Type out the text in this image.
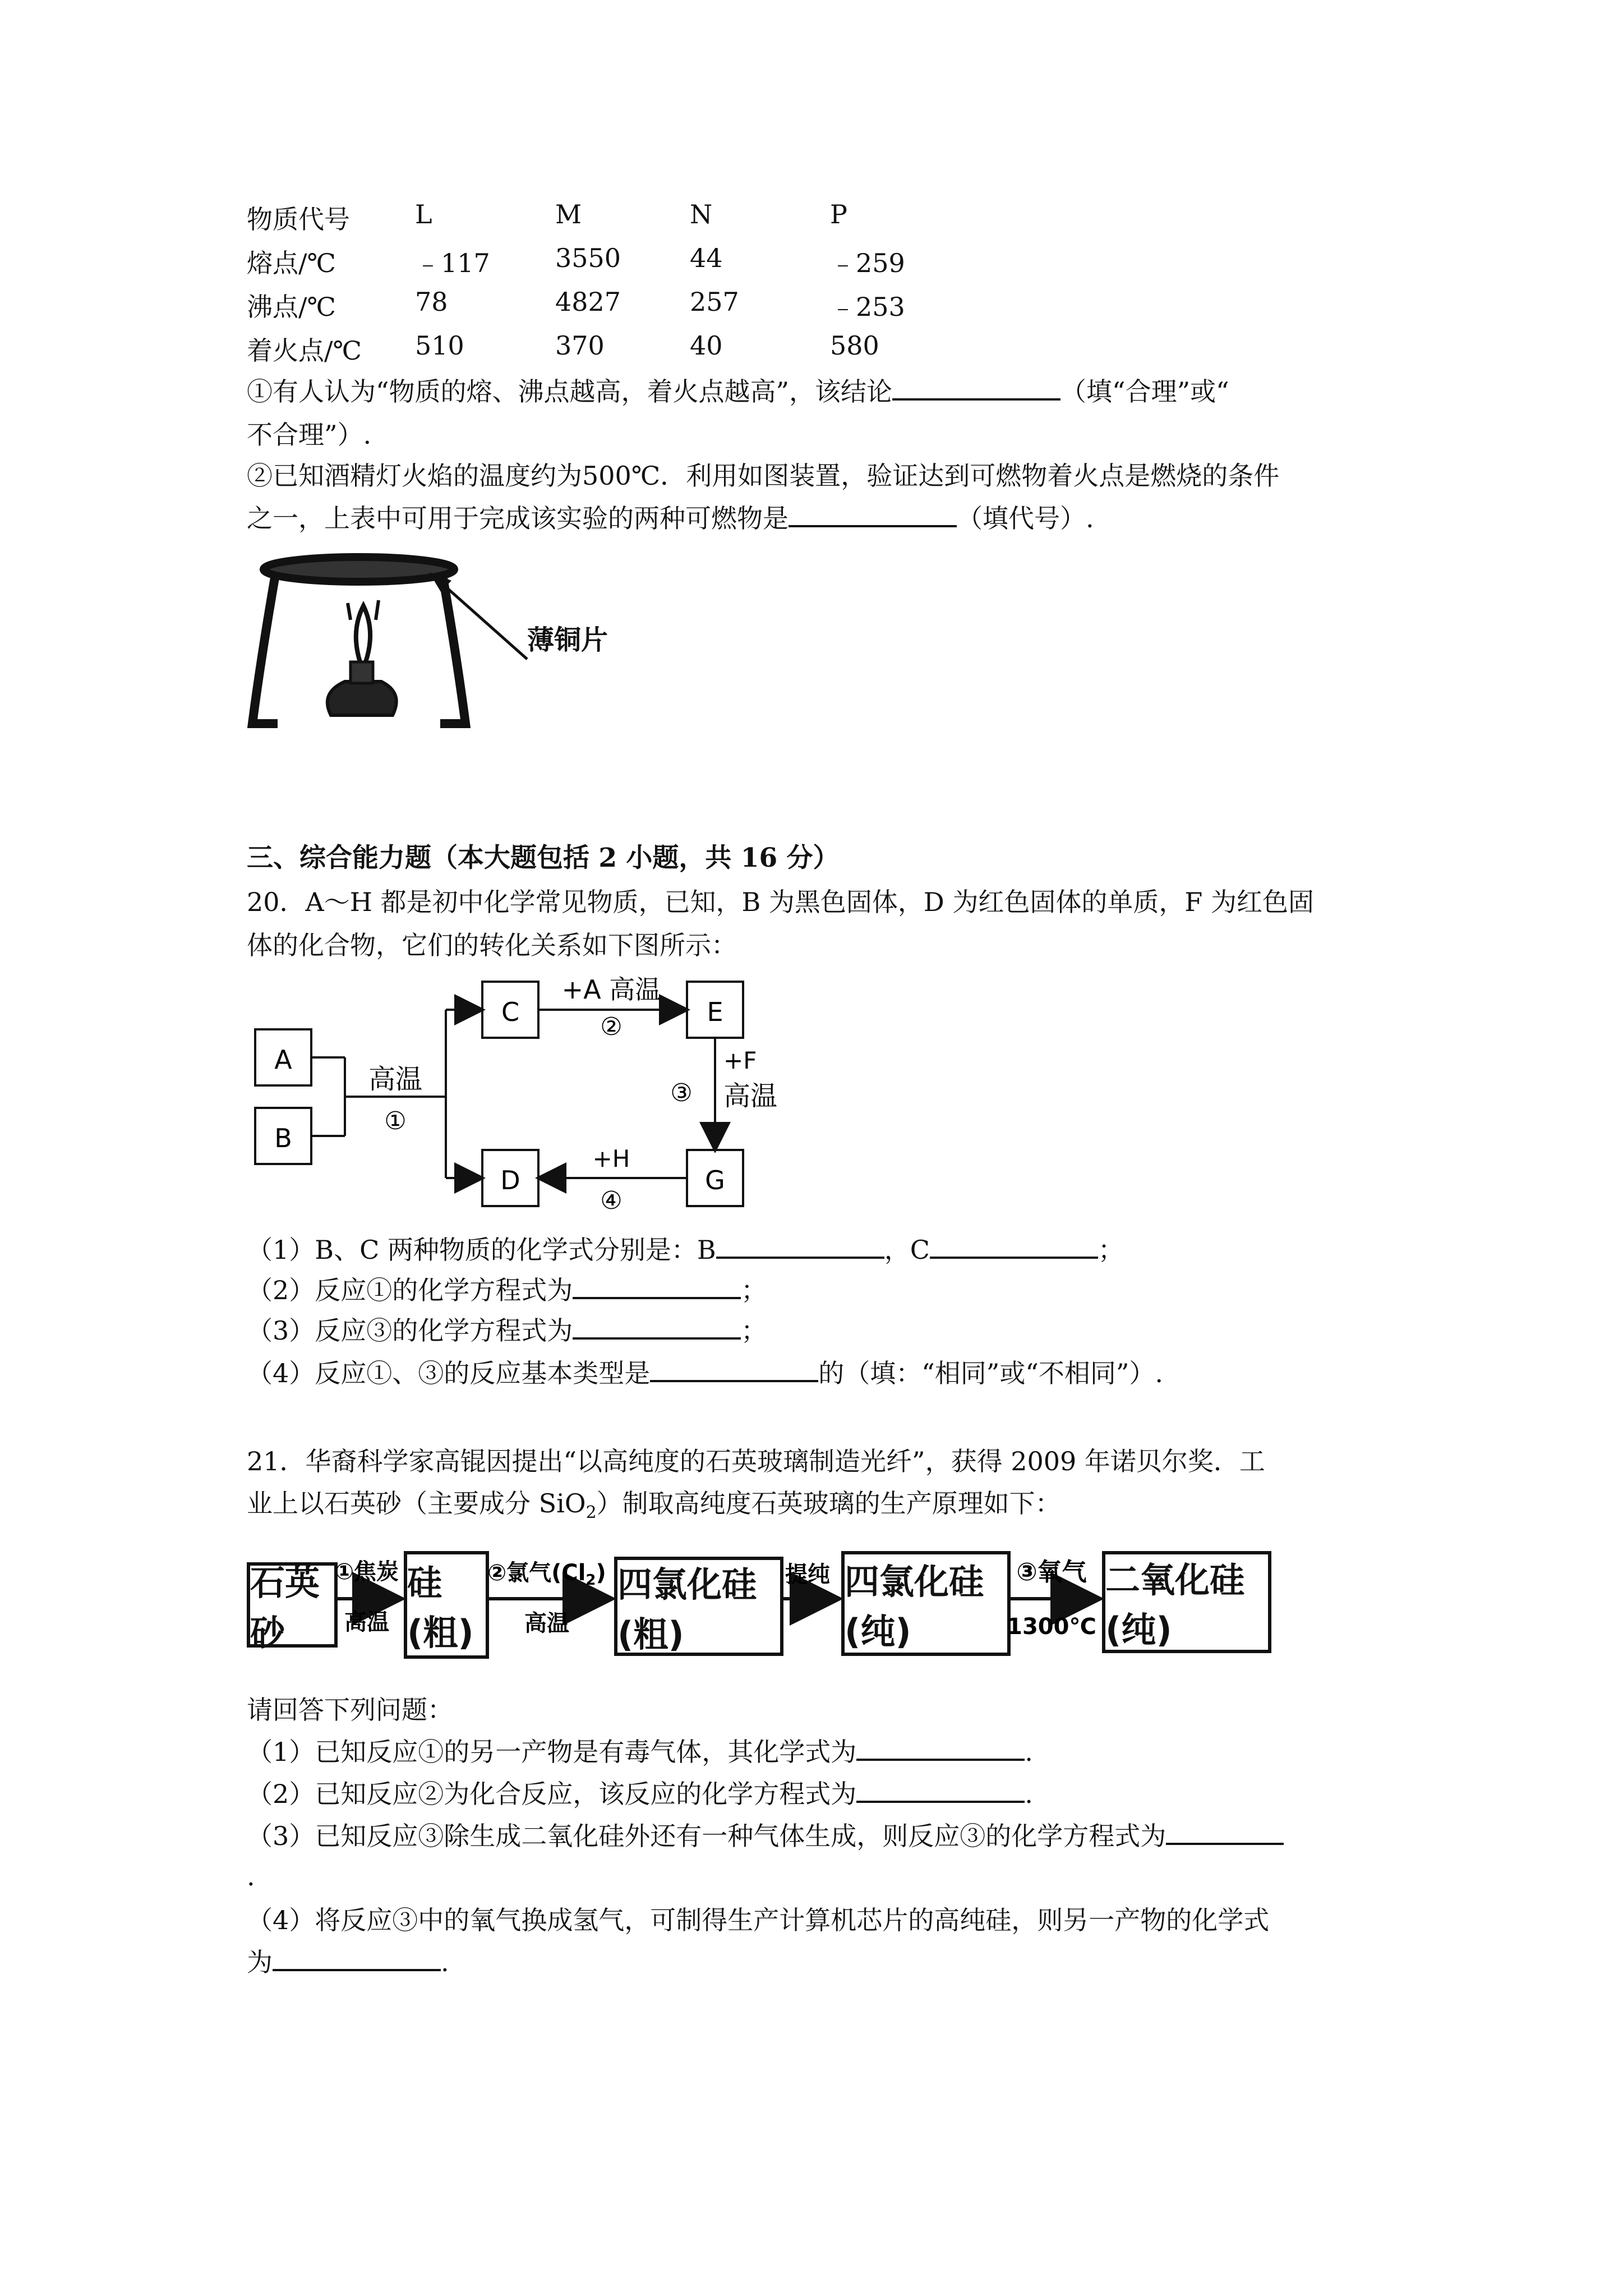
物质代号	L	M	N	P
熔点/℃	﹣117	3550	44	﹣259
沸点/℃	78	4827	257	﹣253
着火点/℃ 510	370	40	580
①有人认为“物质的熔、沸点越高，着火点越高”，该结论	（填“合理”或“
不合理”）.
②已知酒精灯火焰的温度约为500℃．利用如图装置，验证达到可燃物着火点是燃烧的条件
之一，上表中可用于完成该实验的两种可燃物是	（填代号）.
薄铜片
三、综合能力题（本大题包括 2 小题，共 16 分）
20．A～H 都是初中化学常见物质，已知，B 为黑色固体，D 为红色固体的单质，F 为红色固
体的化合物，它们的转化关系如下图所示：
A
B
C
D
E
G
高温
①
+A 高温
②
③
+F
高温
+H
④
（1）B、C 两种物质的化学式分别是：B	，C	；
（2）反应①的化学方程式为	；
（3）反应③的化学方程式为	；
（4）反应①、③的反应基本类型是	的（填：“相同”或“不相同”）.
21．华裔科学家高锟因提出“以高纯度的石英玻璃制造光纤”，获得 2009 年诺贝尔奖．工
业上以石英砂（主要成分 SiO$_2$）制取高纯度石英玻璃的生产原理如下：
石英砂
硅(粗)
四氯化硅(粗)
四氯化硅(纯)
二氧化硅(纯)
①焦炭
高温
②氯气$(Cl_2)$
高温
提纯	③氧气
1300℃
请回答下列问题：
（1）已知反应①的另一产物是有毒气体，其化学式为	.
（2）已知反应②为化合反应，该反应的化学方程式为	.
（3）已知反应③除生成二氧化硅外还有一种气体生成，则反应③的化学方程式为
.
（4）将反应③中的氧气换成氢气，可制得生产计算机芯片的高纯硅，则另一产物的化学式
为	.
